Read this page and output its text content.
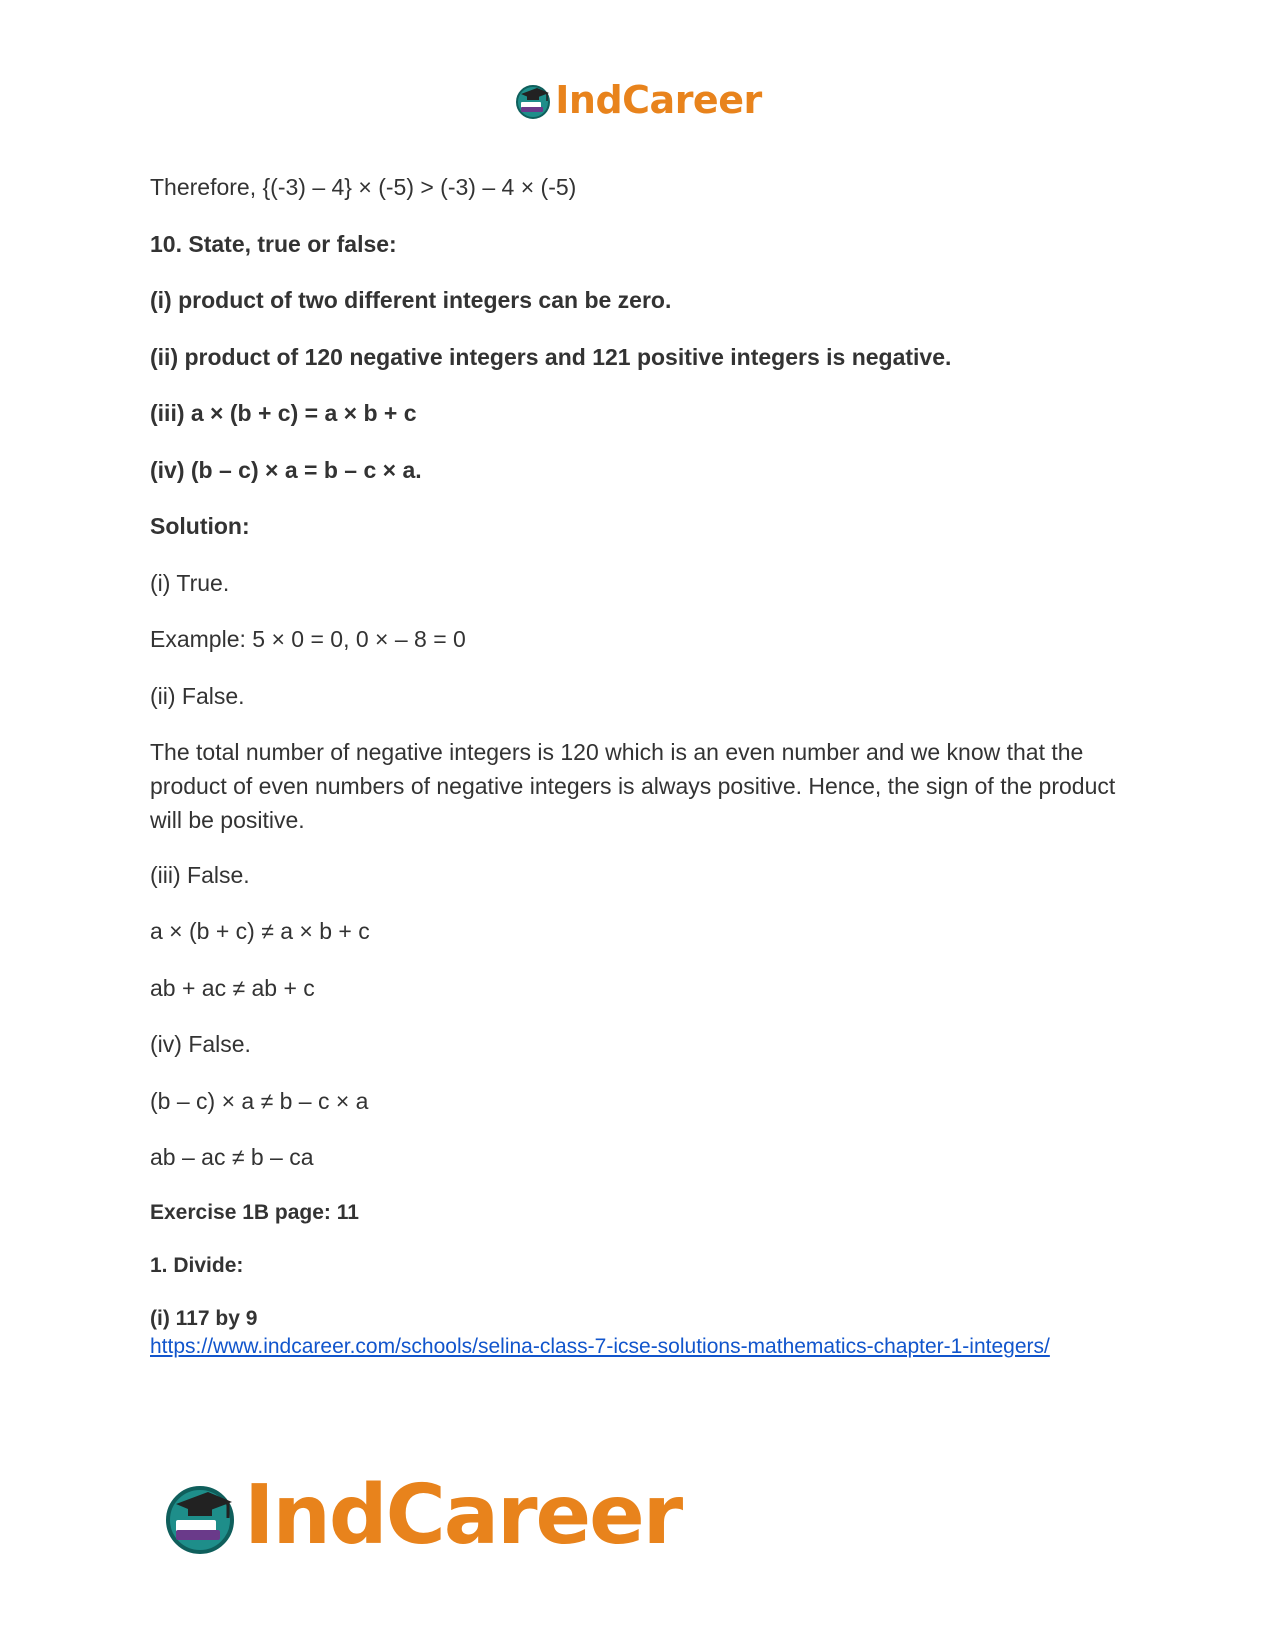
IndCareer
Therefore, {(-3) – 4} × (-5) > (-3) – 4 × (-5)
10. State, true or false:
(i) product of two different integers can be zero.
(ii) product of 120 negative integers and 121 positive integers is negative.
(iii) a × (b + c) = a × b + c
(iv) (b – c) × a = b – c × a.
Solution:
(i) True.
Example: 5 × 0 = 0, 0 × – 8 = 0
(ii) False.
The total number of negative integers is 120 which is an even number and we know that the product of even numbers of negative integers is always positive. Hence, the sign of the product will be positive.
(iii) False.
a × (b + c) ≠ a × b + c
ab + ac ≠ ab + c
(iv) False.
(b – c) × a ≠ b – c × a
ab – ac ≠ b – ca
Exercise 1B page: 11
1. Divide:
(i) 117 by 9
https://www.indcareer.com/schools/selina-class-7-icse-solutions-mathematics-chapter-1-integers/
IndCareer
